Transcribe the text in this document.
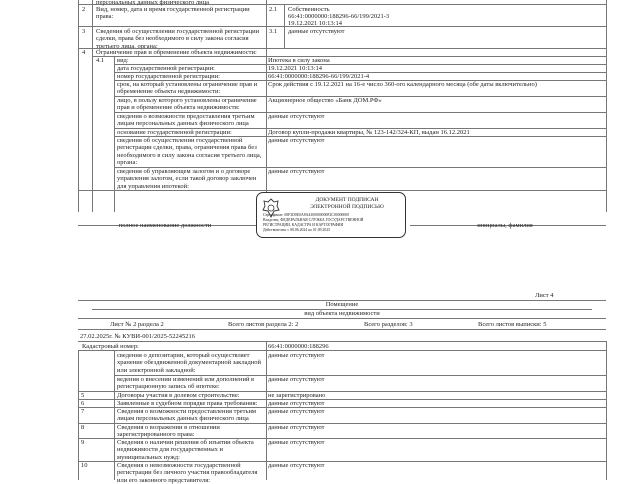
персональных данных физического лица
2 Вид, номер, дата и время государственной регистрации права:
2.1 Собственность
66:41:0000000:188296-66/199/2021-3
19.12.2021 10:13:14
3 Сведения об осуществлении государственной регистрации сделки, права без необходимого в силу закона согласия третьего лица, органа:
3.1 данные отсутствуют
4 Ограничение прав и обременение объекта недвижимости:
4.1 вид:	Ипотека в силу закона
дата государственной регистрации:	19.12.2021 10:13:14
номер государственной регистрации:	66:41:0000000:188296-66/199/2021-4
срок, на который установлены ограничение прав и обременение объекта недвижимости:
Срок действия с 19.12.2021 на 16-е число 360-ого календарного месяца (обе даты включительно)
лицо, в пользу которого установлены ограничение прав и обременение объекта недвижимости:
Акционерное общество «Банк ДОМ.РФ»
сведения о возможности предоставления третьим лицам персональных данных физического лица
данные отсутствуют
основание государственной регистрации:	Договор купли-продажи квартиры, № 123-142/324-КП, выдан 16.12.2021
сведения об осуществлении государственной регистрации сделки, права, ограничения права без необходимого в силу закона согласия третьего лица, органа:
данные отсутствуют
сведения об управляющем залогом и о договоре управления залогом, если такой договор заключен для управления ипотекой:
данные отсутствуют
полное наименование должности	инициалы, фамилия
ДОКУМЕНТ ПОДПИСАН
ЭЛЕКТРОННОЙ ПОДПИСЬЮ
Сертификат: 00F3D0E0A8A4300000000F2C00000000
Владелец: ФЕДЕРАЛЬНАЯ СЛУЖБА ГОСУДАРСТВЕННОЙ
РЕГИСТРАЦИИ, КАДАСТРА И КАРТОГРАФИИ
Действителен: с 08.06.2024 по 01.09.2025
Лист 4
Помещение
вид объекта недвижимости
Лист № 2 раздела 2	Всего листов раздела 2: 2	Всего разделов: 3	Всего листов выписки: 5
27.02.2025г. № КУВИ-001/2025-52245216
Кадастровый номер:	66:41:0000000:188296
сведения о депозитарии, который осуществляет хранение обездвиженной документарной закладной или электронной закладной:
данные отсутствуют
ведения о внесении изменений или дополнений в регистрационную запись об ипотеке:
данные отсутствуют
5	Договоры участия в долевом строительстве:	не зарегистрировано
6	Заявленные в судебном порядке права требования: данные отсутствуют
7	Сведения о возможности предоставления третьим лицам персональных данных физического лица
данные отсутствуют
8	Сведения о возражении в отношении зарегистрированного права:
данные отсутствуют
9	Сведения о наличии решения об изъятии объекта недвижимости для государственных и муниципальных нужд:
данные отсутствуют
10	Сведения о невозможности государственной регистрации без личного участия правообладателя или его законного представителя:
данные отсутствуют
